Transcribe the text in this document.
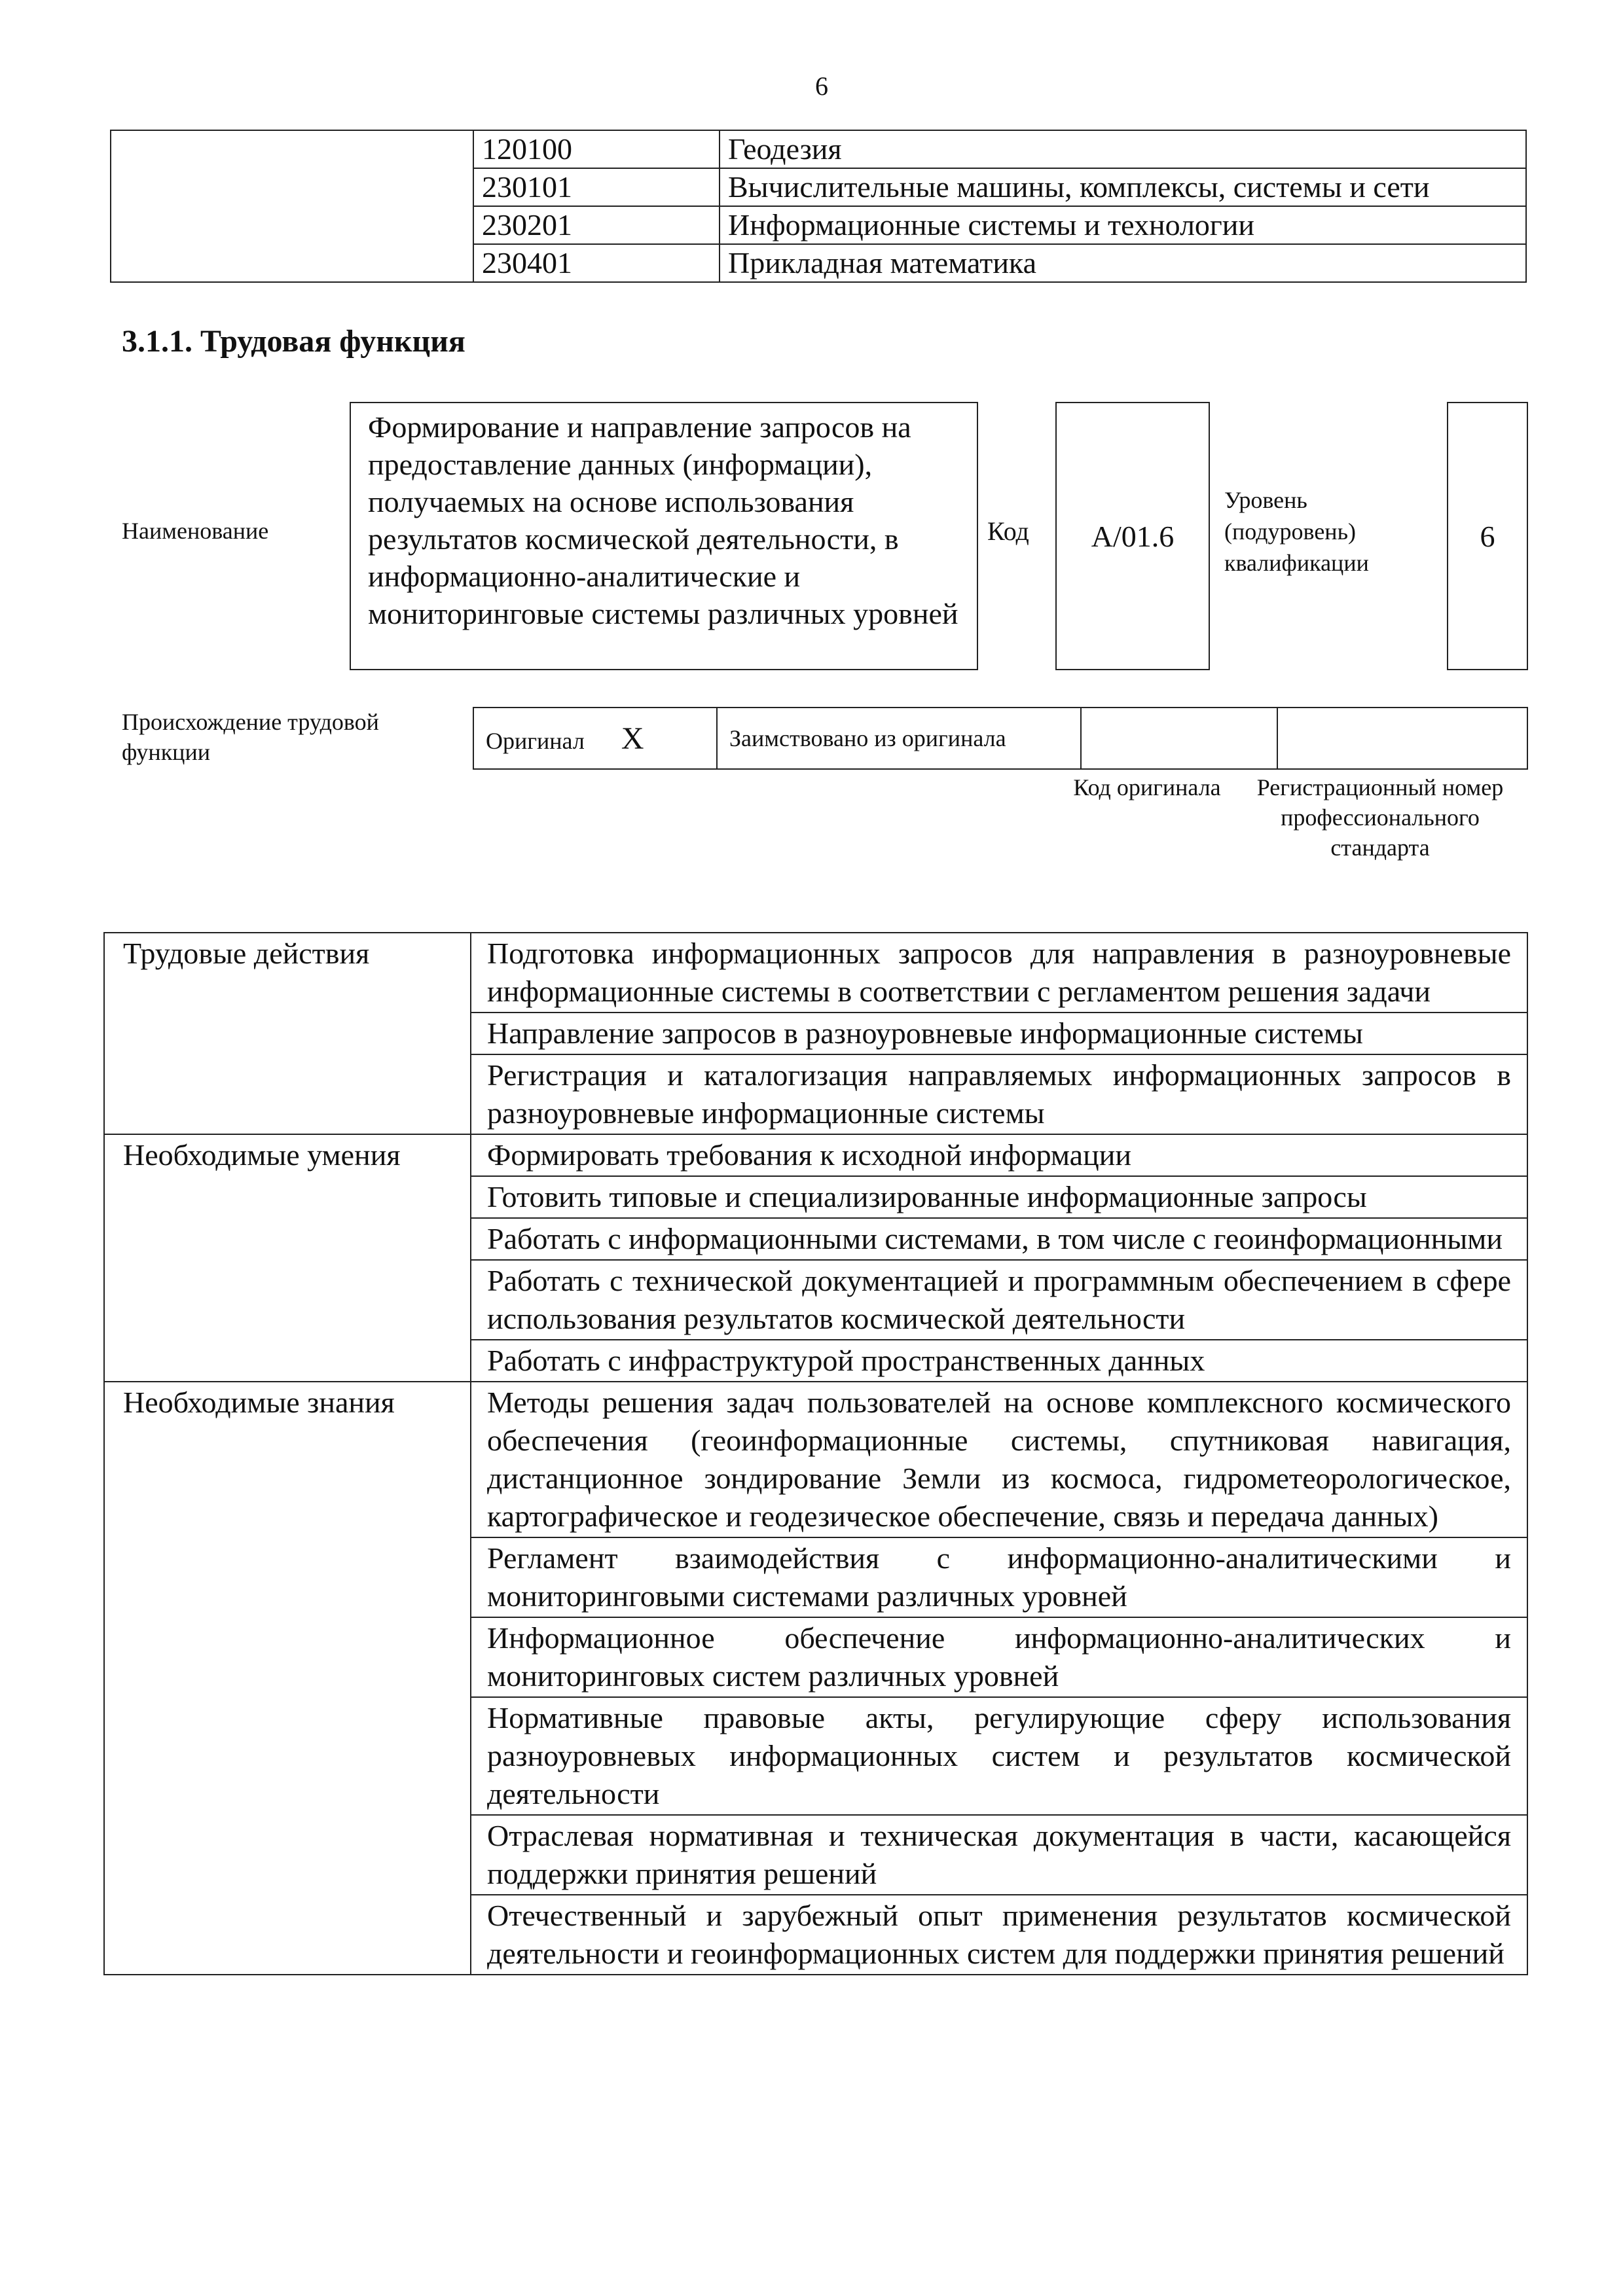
6
	120100	Геодезия
	230101	Вычислительные машины, комплексы, системы и сети
	230201	Информационные системы и технологии
	230401	Прикладная математика
3.1.1. Трудовая функция
Наименование
Формирование и направление запросов на предоставление данных (информации), получаемых на основе использования результатов космической деятельности, в информационно-аналитические и мониторинговые системы различных уровней
Код	A/01.6
Уровень (подуровень) квалификации
6
Происхождение трудовой функции	Оригинал X	Заимствовано из оригинала		
Код оригинала Регистрационный номер профессионального стандарта
Трудовые действия	Подготовка информационных запросов для направления в разноуровневые информационные системы в соответствии с регламентом решения задачи
	Направление запросов в разноуровневые информационные системы
	Регистрация и каталогизация направляемых информационных запросов в разноуровневые информационные системы
Необходимые умения	Формировать требования к исходной информации
	Готовить типовые и специализированные информационные запросы
	Работать с информационными системами, в том числе с геоинформационными
	Работать с технической документацией и программным обеспечением в сфере использования результатов космической деятельности
	Работать с инфраструктурой пространственных данных
Необходимые знания	Методы решения задач пользователей на основе комплексного космического обеспечения (геоинформационные системы, спутниковая навигация, дистанционное зондирование Земли из космоса, гидрометеорологическое, картографическое и геодезическое обеспечение, связь и передача данных)
	Регламент взаимодействия с информационно-аналитическими и мониторинговыми системами различных уровней
	Информационное обеспечение информационно-аналитических и мониторинговых систем различных уровней
	Нормативные правовые акты, регулирующие сферу использования разноуровневых информационных систем и результатов космической деятельности
	Отраслевая нормативная и техническая документация в части, касающейся поддержки принятия решений
	Отечественный и зарубежный опыт применения результатов космической деятельности и геоинформационных систем для поддержки принятия решений
